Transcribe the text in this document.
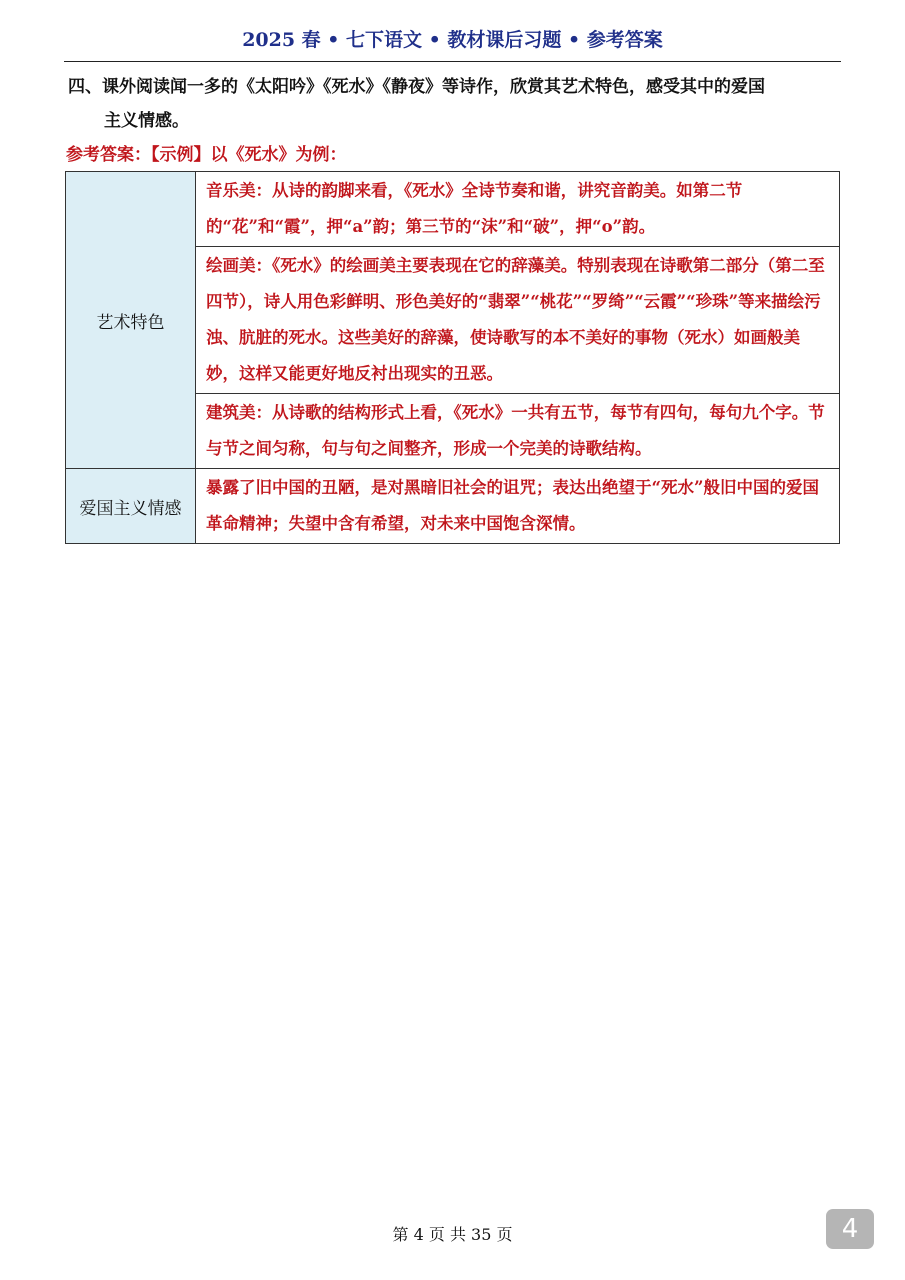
2025 春 • 七下语文 • 教材课后习题 • 参考答案
四、课外阅读闻一多的《太阳吟》《死水》《静夜》等诗作，欣赏其艺术特色，感受其中的爱国
主义情感。
参考答案：【示例】以《死水》为例：
艺术特色	音乐美：从诗的韵脚来看，《死水》全诗节奏和谐，讲究音韵美。如第二节的“花”和“霞”，押“a”韵；第三节的“沫”和“破”，押“o”韵。
	绘画美：《死水》的绘画美主要表现在它的辞藻美。特别表现在诗歌第二部分（第二至四节），诗人用色彩鲜明、形色美好的“翡翠”“桃花”“罗绮”“云霞”“珍珠”等来描绘污浊、肮脏的死水。这些美好的辞藻，使诗歌写的本不美好的事物（死水）如画般美妙，这样又能更好地反衬出现实的丑恶。
	建筑美：从诗歌的结构形式上看，《死水》一共有五节，每节有四句，每句九个字。节与节之间匀称，句与句之间整齐，形成一个完美的诗歌结构。
爱国主义情感	暴露了旧中国的丑陋，是对黑暗旧社会的诅咒；表达出绝望于“死水”般旧中国的爱国革命精神；失望中含有希望，对未来中国饱含深情。
第 4 页 共 35 页	4
